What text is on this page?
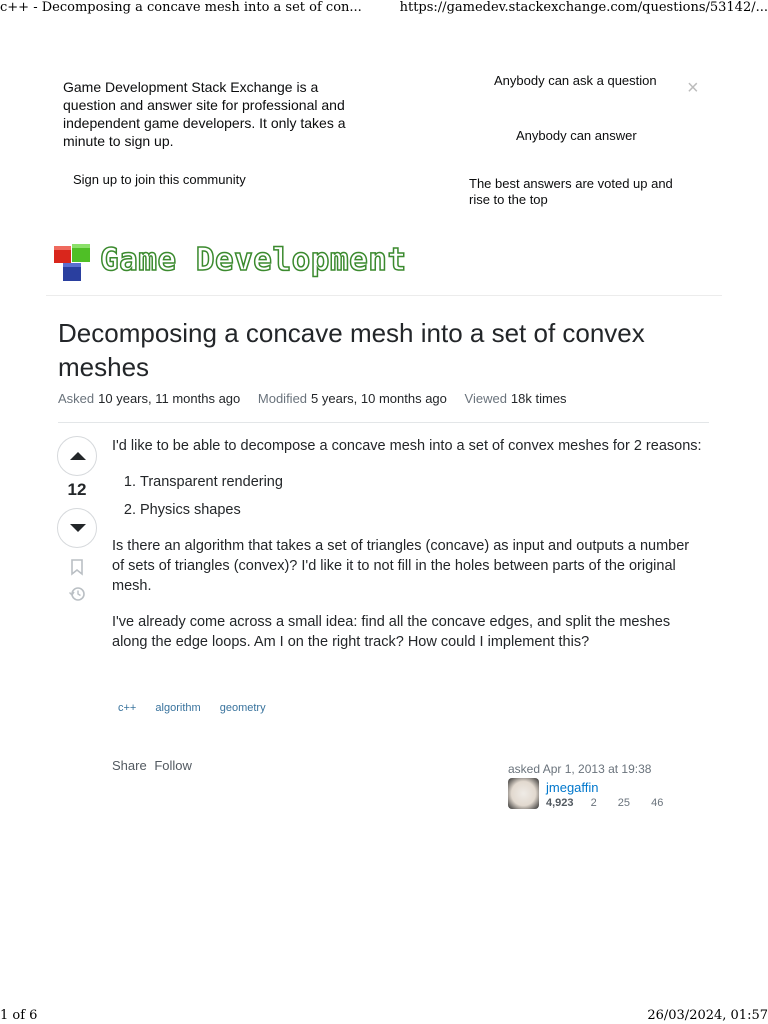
c++ - Decomposing a concave mesh into a set of con...	https://gamedev.stackexchange.com/questions/53142/...
Game Development Stack Exchange is a question and answer site for professional and independent game developers. It only takes a minute to sign up.
Sign up to join this community
Anybody can ask a question
Anybody can answer
The best answers are voted up and rise to the top
×
Game Development
Decomposing a concave mesh into a set of convex meshes
Asked 10 years, 11 months ago Modified 5 years, 10 months ago Viewed 18k times
12

I'd like to be able to decompose a concave mesh into a set of convex meshes for 2 reasons:

1. Transparent rendering
2. Physics shapes

Is there an algorithm that takes a set of triangles (concave) as input and outputs a number of sets of triangles (convex)? I'd like it to not fill in the holes between parts of the original mesh.

I've already come across a small idea: find all the concave edges, and split the meshes along the edge loops. Am I on the right track? How could I implement this?

c++ algorithm geometry
Share Follow	asked Apr 1, 2013 at 19:38
jmegaffin
4,923 2 25 46
1 of 6	26/03/2024, 01:57
